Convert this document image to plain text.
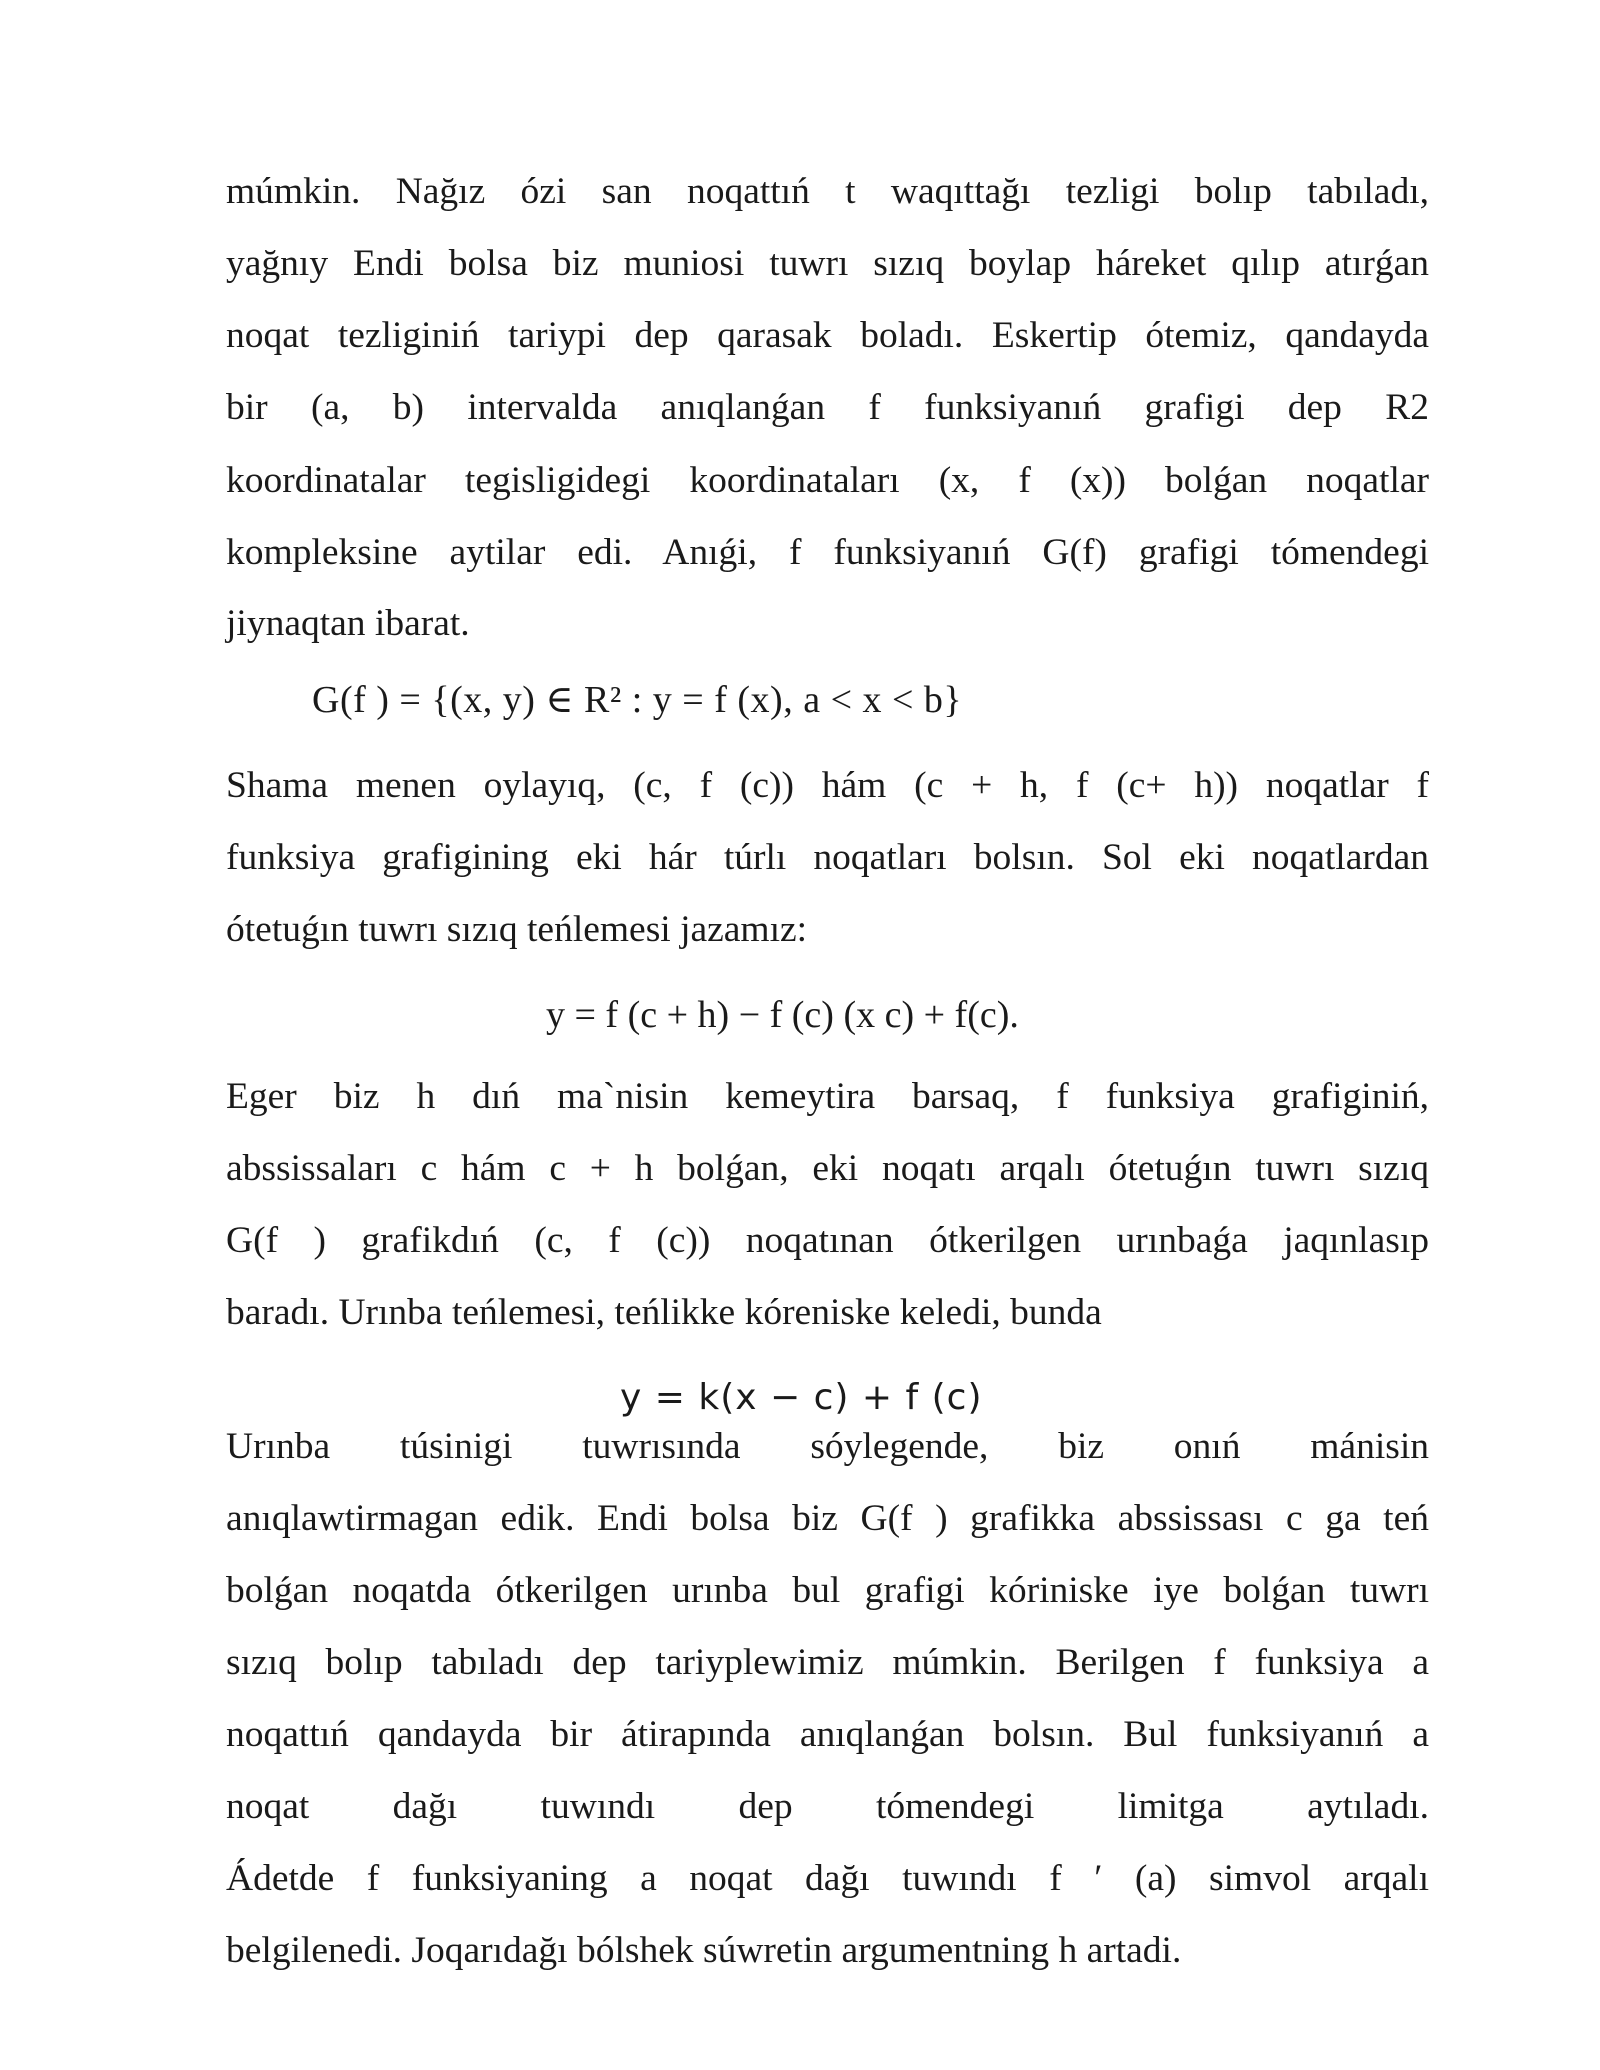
múmkin. Nağız ózi san noqattıń t waqıttağı tezligi bolıp tabıladı,
yağnıy Endi bolsa biz muniosi tuwrı sızıq boylap háreket qılıp atırǵan
noqat tezliginiń tariypi dep qarasak boladı. Eskertip ótemiz, qandayda
bir (a, b) intervalda anıqlanǵan f funksiyanıń grafigi dep R2
koordinatalar tegisligidegi koordinataları (x, f (x)) bolǵan noqatlar
kompleksine aytilar edi. Anıǵi, f funksiyanıń G(f) grafigi tómendegi
jiynaqtan ibarat.
G(f ) = {(x, y) ∈ R² : y = f (x), a < x < b}
Shama menen oylayıq, (c, f (c)) hám (c + h, f (c+ h)) noqatlar f
funksiya grafigining eki hár túrlı noqatları bolsın. Sol eki noqatlardan
ótetuǵın tuwrı sızıq teńlemesi jazamız:
y = f (c + h) − f (c) (x c) + f(c).
Eger biz h dıń ma`nisin kemeytira barsaq, f funksiya grafiginiń,
abssissaları c hám c + h bolǵan, eki noqatı arqalı ótetuǵın tuwrı sızıq
G(f ) grafikdıń (c, f (c)) noqatınan ótkerilgen urınbaǵa jaqınlasıp
baradı. Urınba teńlemesi, teńlikke kóreniske keledi, bunda
y = k(x − c) + f (c)
Urınba túsinigi tuwrısında sóylegende, biz onıń mánisin
anıqlawtirmagan edik. Endi bolsa biz G(f ) grafikka abssissası c ga teń
bolǵan noqatda ótkerilgen urınba bul grafigi kóriniske iye bolǵan tuwrı
sızıq bolıp tabıladı dep tariyplewimiz múmkin. Berilgen f funksiya a
noqattıń qandayda bir átirapında anıqlanǵan bolsın. Bul funksiyanıń a
noqat dağı tuwındı dep tómendegi limitga aytıladı.
Ádetde f funksiyaning a noqat dağı tuwındı f ′ (a) simvol arqalı
belgilenedi. Joqarıdağı bólshek súwretin argumentning h artadi.
